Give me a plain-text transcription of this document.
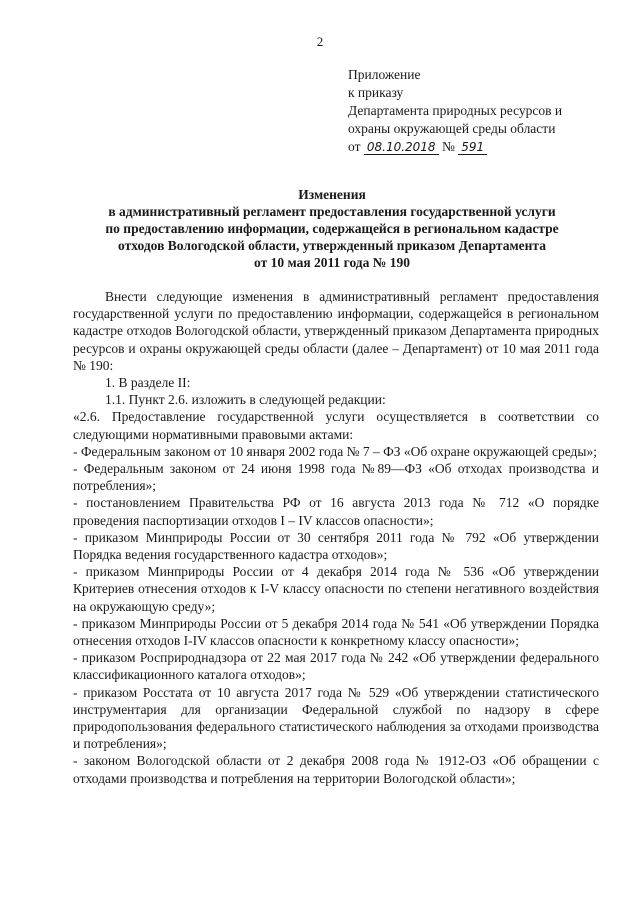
2
Приложение
к приказу
Департамента природных ресурсов и
охраны окружающей среды области
от 08.10.2018 № 591
Изменения
в административный регламент предоставления государственной услуги
по предоставлению информации, содержащейся в региональном кадастре
отходов Вологодской области, утвержденный приказом Департамента
от 10 мая 2011 года № 190

Внести следующие изменения в административный регламент предоставления государственной услуги по предоставлению информации, содержащейся в региональном кадастре отходов Вологодской области, утвержденный приказом Департамента природных ресурсов и охраны окружающей среды области (далее – Департамент) от 10 мая 2011 года № 190:

1. В разделе II:

1.1. Пункт 2.6. изложить в следующей редакции:

«2.6. Предоставление государственной услуги осуществляется в соответствии со следующими нормативными правовыми актами:

- Федеральным законом от 10 января 2002 года № 7 – ФЗ «Об охране окружающей среды»;
- Федеральным законом от 24 июня 1998 года №89—ФЗ «Об отходах производства и потребления»;
- постановлением Правительства РФ от 16 августа 2013 года № 712 «О порядке проведения паспортизации отходов I – IV классов опасности»;
- приказом Минприроды России от 30 сентября 2011 года № 792 «Об утверждении Порядка ведения государственного кадастра отходов»;
- приказом Минприроды России от 4 декабря 2014 года № 536 «Об утверждении Критериев отнесения отходов к I-V классу опасности по степени негативного воздействия на окружающую среду»;
- приказом Минприроды России от 5 декабря 2014 года № 541 «Об утверждении Порядка отнесения отходов I-IV классов опасности к конкретному классу опасности»;
- приказом Росприроднадзора от 22 мая 2017 года № 242 «Об утверждении федерального классификационного каталога отходов»;
- приказом Росстата от 10 августа 2017 года № 529 «Об утверждении статистического инструментария для организации Федеральной службой по надзору в сфере природопользования федерального статистического наблюдения за отходами производства и потребления»;
- законом Вологодской области от 2 декабря 2008 года № 1912-ОЗ «Об обращении с отходами производства и потребления на территории Вологодской области»;
